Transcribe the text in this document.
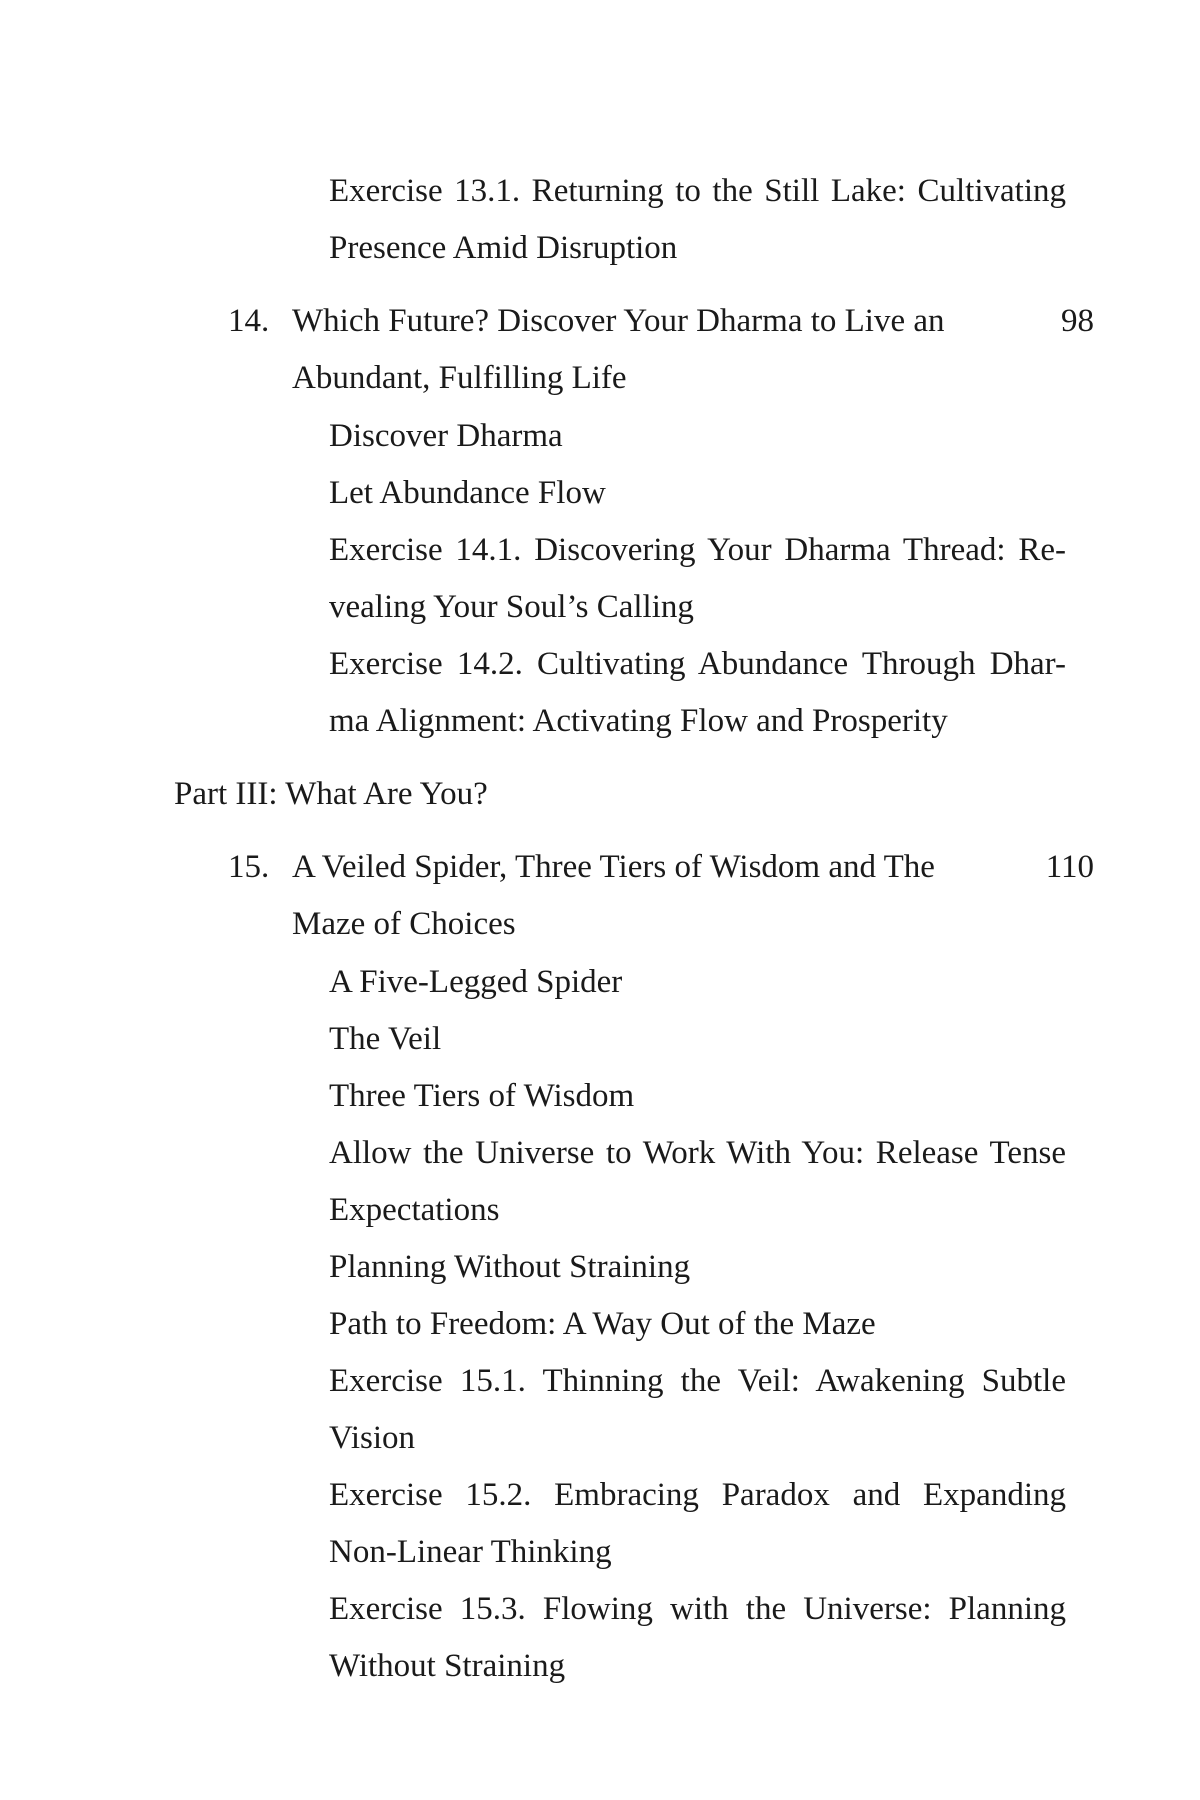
Exercise 13.1. Returning to the Still Lake: Cultivating
Presence Amid Disruption
14. Which Future? Discover Your Dharma to Live an	98
Abundant, Fulfilling Life
Discover Dharma
Let Abundance Flow
Exercise 14.1. Discovering Your Dharma Thread: Re-
vealing Your Soul’s Calling
Exercise 14.2. Cultivating Abundance Through Dhar-
ma Alignment: Activating Flow and Prosperity
Part III: What Are You?
15. A Veiled Spider, Three Tiers of Wisdom and The	110
Maze of Choices
A Five-Legged Spider
The Veil
Three Tiers of Wisdom
Allow the Universe to Work With You: Release Tense
Expectations
Planning Without Straining
Path to Freedom: A Way Out of the Maze
Exercise 15.1. Thinning the Veil: Awakening Subtle
Vision
Exercise 15.2. Embracing Paradox and Expanding
Non-Linear Thinking
Exercise 15.3. Flowing with the Universe: Planning
Without Straining
